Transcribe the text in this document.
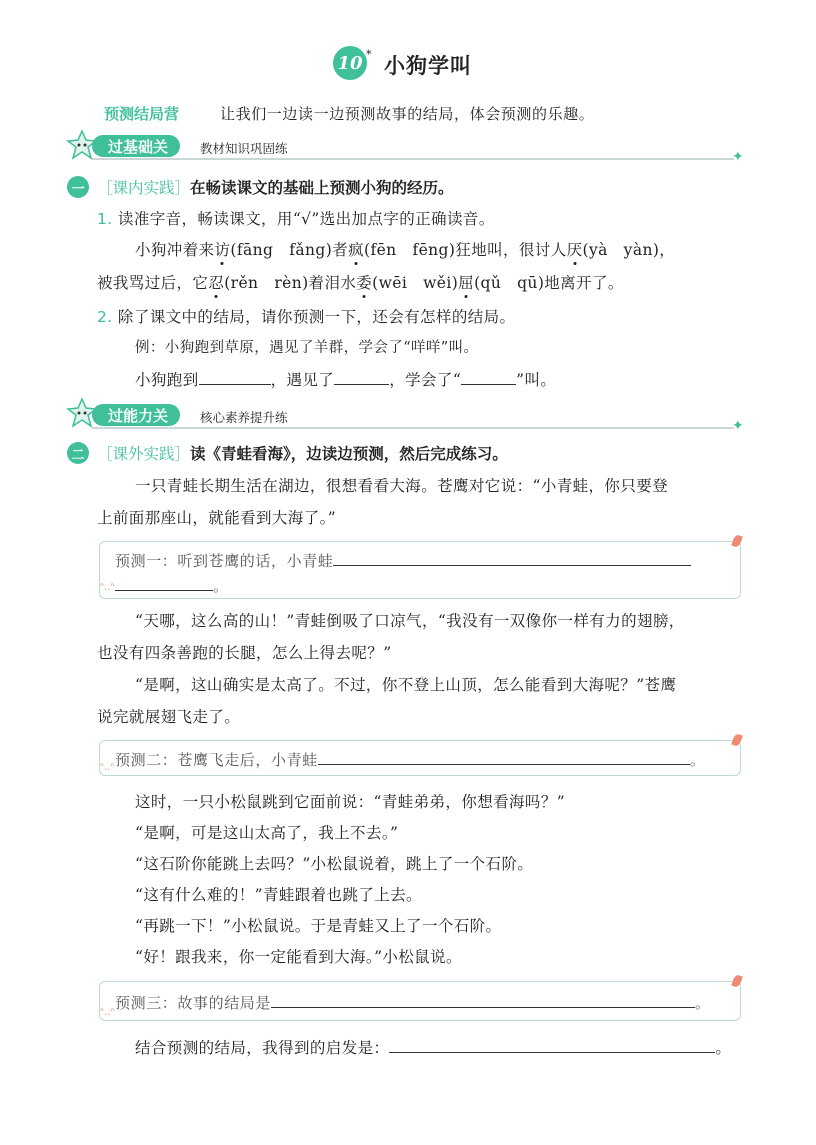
10 * 小狗学叫
预测结局营	让我们一边读一边预测故事的结局，体会预测的乐趣。
过基础关	教材知识巩固练
✦
一 ［课内实践］在畅读课文的基础上预测小狗的经历。
1. 读准字音，畅读课文，用“√”选出加点字的正确读音。
小狗冲着来访(fāng　fǎng)者疯(fēn　fēng)狂地叫，很讨人厌(yà　yàn)，
被我骂过后，它忍(rěn　rèn)着泪水委(wēi　wěi)屈(qǔ　qū)地离开了。
2. 除了课文中的结局，请你预测一下，还会有怎样的结局。
例：小狗跑到草原，遇见了羊群，学会了“咩咩”叫。
小狗跑到	，遇见了	，学会了“	”叫。
过能力关	核心素养提升练
✦
二 ［课外实践］读《青蛙看海》，边读边预测，然后完成练习。
一只青蛙长期生活在湖边，很想看看大海。苍鹰对它说：“小青蛙，你只要登
上前面那座山，就能看到大海了。”
ᐢ..ᐢ
预测一：听到苍鹰的话，小青蛙
。
“天哪，这么高的山！”青蛙倒吸了口凉气，“我没有一双像你一样有力的翅膀，
也没有四条善跑的长腿，怎么上得去呢？”
“是啊，这山确实是太高了。不过，你不登上山顶，怎么能看到大海呢？”苍鹰
说完就展翅飞走了。
ᐢ..ᐢ 预测二：苍鹰飞走后，小青蛙	。
这时，一只小松鼠跳到它面前说：“青蛙弟弟，你想看海吗？”
“是啊，可是这山太高了，我上不去。”
“这石阶你能跳上去吗？”小松鼠说着，跳上了一个石阶。
“这有什么难的！”青蛙跟着也跳了上去。
“再跳一下！”小松鼠说。于是青蛙又上了一个石阶。
“好！跟我来，你一定能看到大海。”小松鼠说。
ᐢ..ᐢ
预测三：故事的结局是	。
结合预测的结局，我得到的启发是：	。
